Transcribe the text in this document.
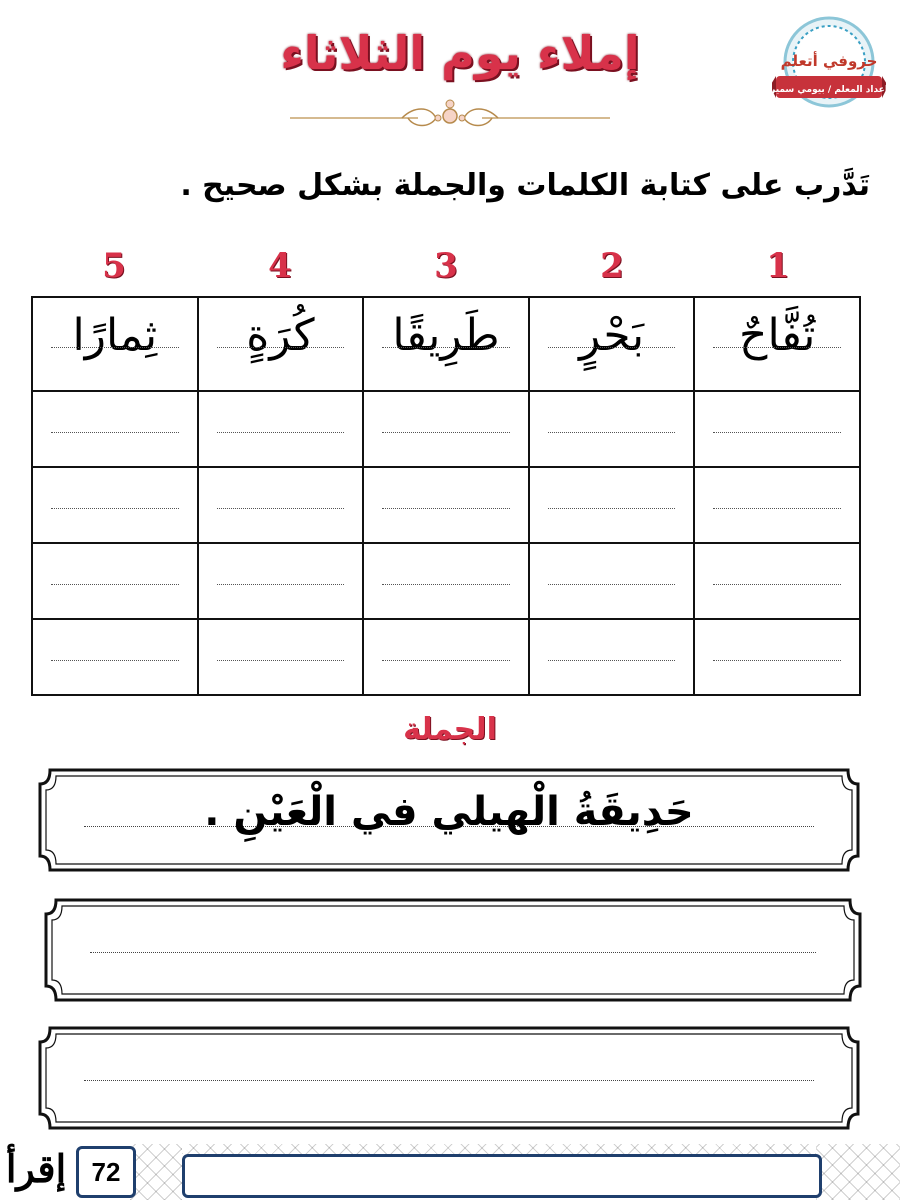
حروفي أتعلم
إعداد المعلم / بيومي سمير
إملاء يوم الثلاثاء
تَدَّرب على كتابة الكلمات والجملة بشكل صحيح .
1
2
3
4
5
تُفَّاحٌ	بَحْرٍ	طَرِيقًا	كُرَةٍ	ثِمارًا

الجملة
حَدِيقَةُ الْهيلي في الْعَيْنِ .
إقرأ 72
